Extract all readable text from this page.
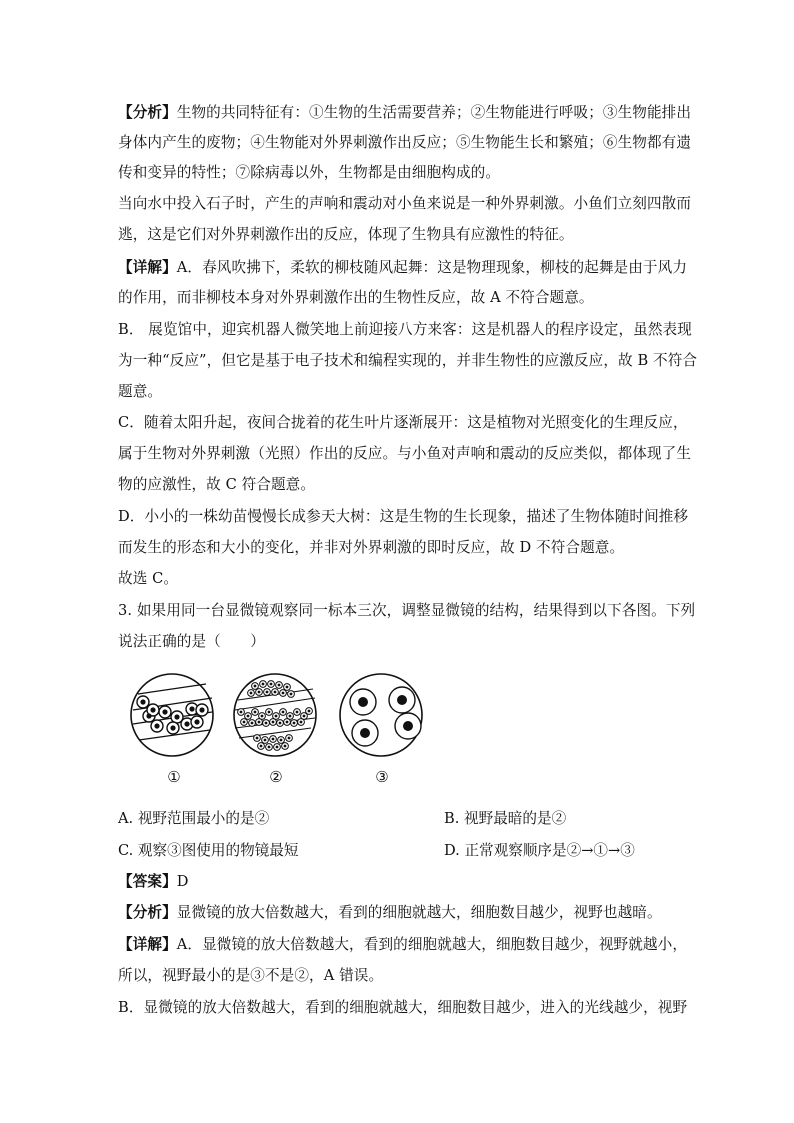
【分析】生物的共同特征有：①生物的生活需要营养；②生物能进行呼吸；③生物能排出
身体内产生的废物；④生物能对外界刺激作出反应；⑤生物能生长和繁殖；⑥生物都有遗
传和变异的特性；⑦除病毒以外，生物都是由细胞构成的。
当向水中投入石子时，产生的声响和震动对小鱼来说是一种外界刺激。小鱼们立刻四散而
逃，这是它们对外界刺激作出的反应，体现了生物具有应激性的特征。
【详解】A．春风吹拂下，柔软的柳枝随风起舞：这是物理现象，柳枝的起舞是由于风力
的作用，而非柳枝本身对外界刺激作出的生物性反应，故 A 不符合题意。
B． 展览馆中，迎宾机器人微笑地上前迎接八方来客：这是机器人的程序设定，虽然表现
为一种“反应”，但它是基于电子技术和编程实现的，并非生物性的应激反应，故 B 不符合
题意。
C．随着太阳升起，夜间合拢着的花生叶片逐渐展开：这是植物对光照变化的生理反应，
属于生物对外界刺激（光照）作出的反应。与小鱼对声响和震动的反应类似，都体现了生
物的应激性，故 C 符合题意。
D．小小的一株幼苗慢慢长成参天大树：这是生物的生长现象，描述了生物体随时间推移
而发生的形态和大小的变化，并非对外界刺激的即时反应，故 D 不符合题意。
故选 C。
3. 如果用同一台显微镜观察同一标本三次，调整显微镜的结构，结果得到以下各图。下列
说法正确的是（　　）
①	②	③
A. 视野范围最小的是②	B. 视野最暗的是②
C. 观察③图使用的物镜最短	D. 正常观察顺序是②→①→③
【答案】D
【分析】显微镜的放大倍数越大，看到的细胞就越大，细胞数目越少，视野也越暗。
【详解】A．显微镜的放大倍数越大，看到的细胞就越大，细胞数目越少，视野就越小，
所以，视野最小的是③不是②，A 错误。
B．显微镜的放大倍数越大，看到的细胞就越大，细胞数目越少，进入的光线越少，视野
